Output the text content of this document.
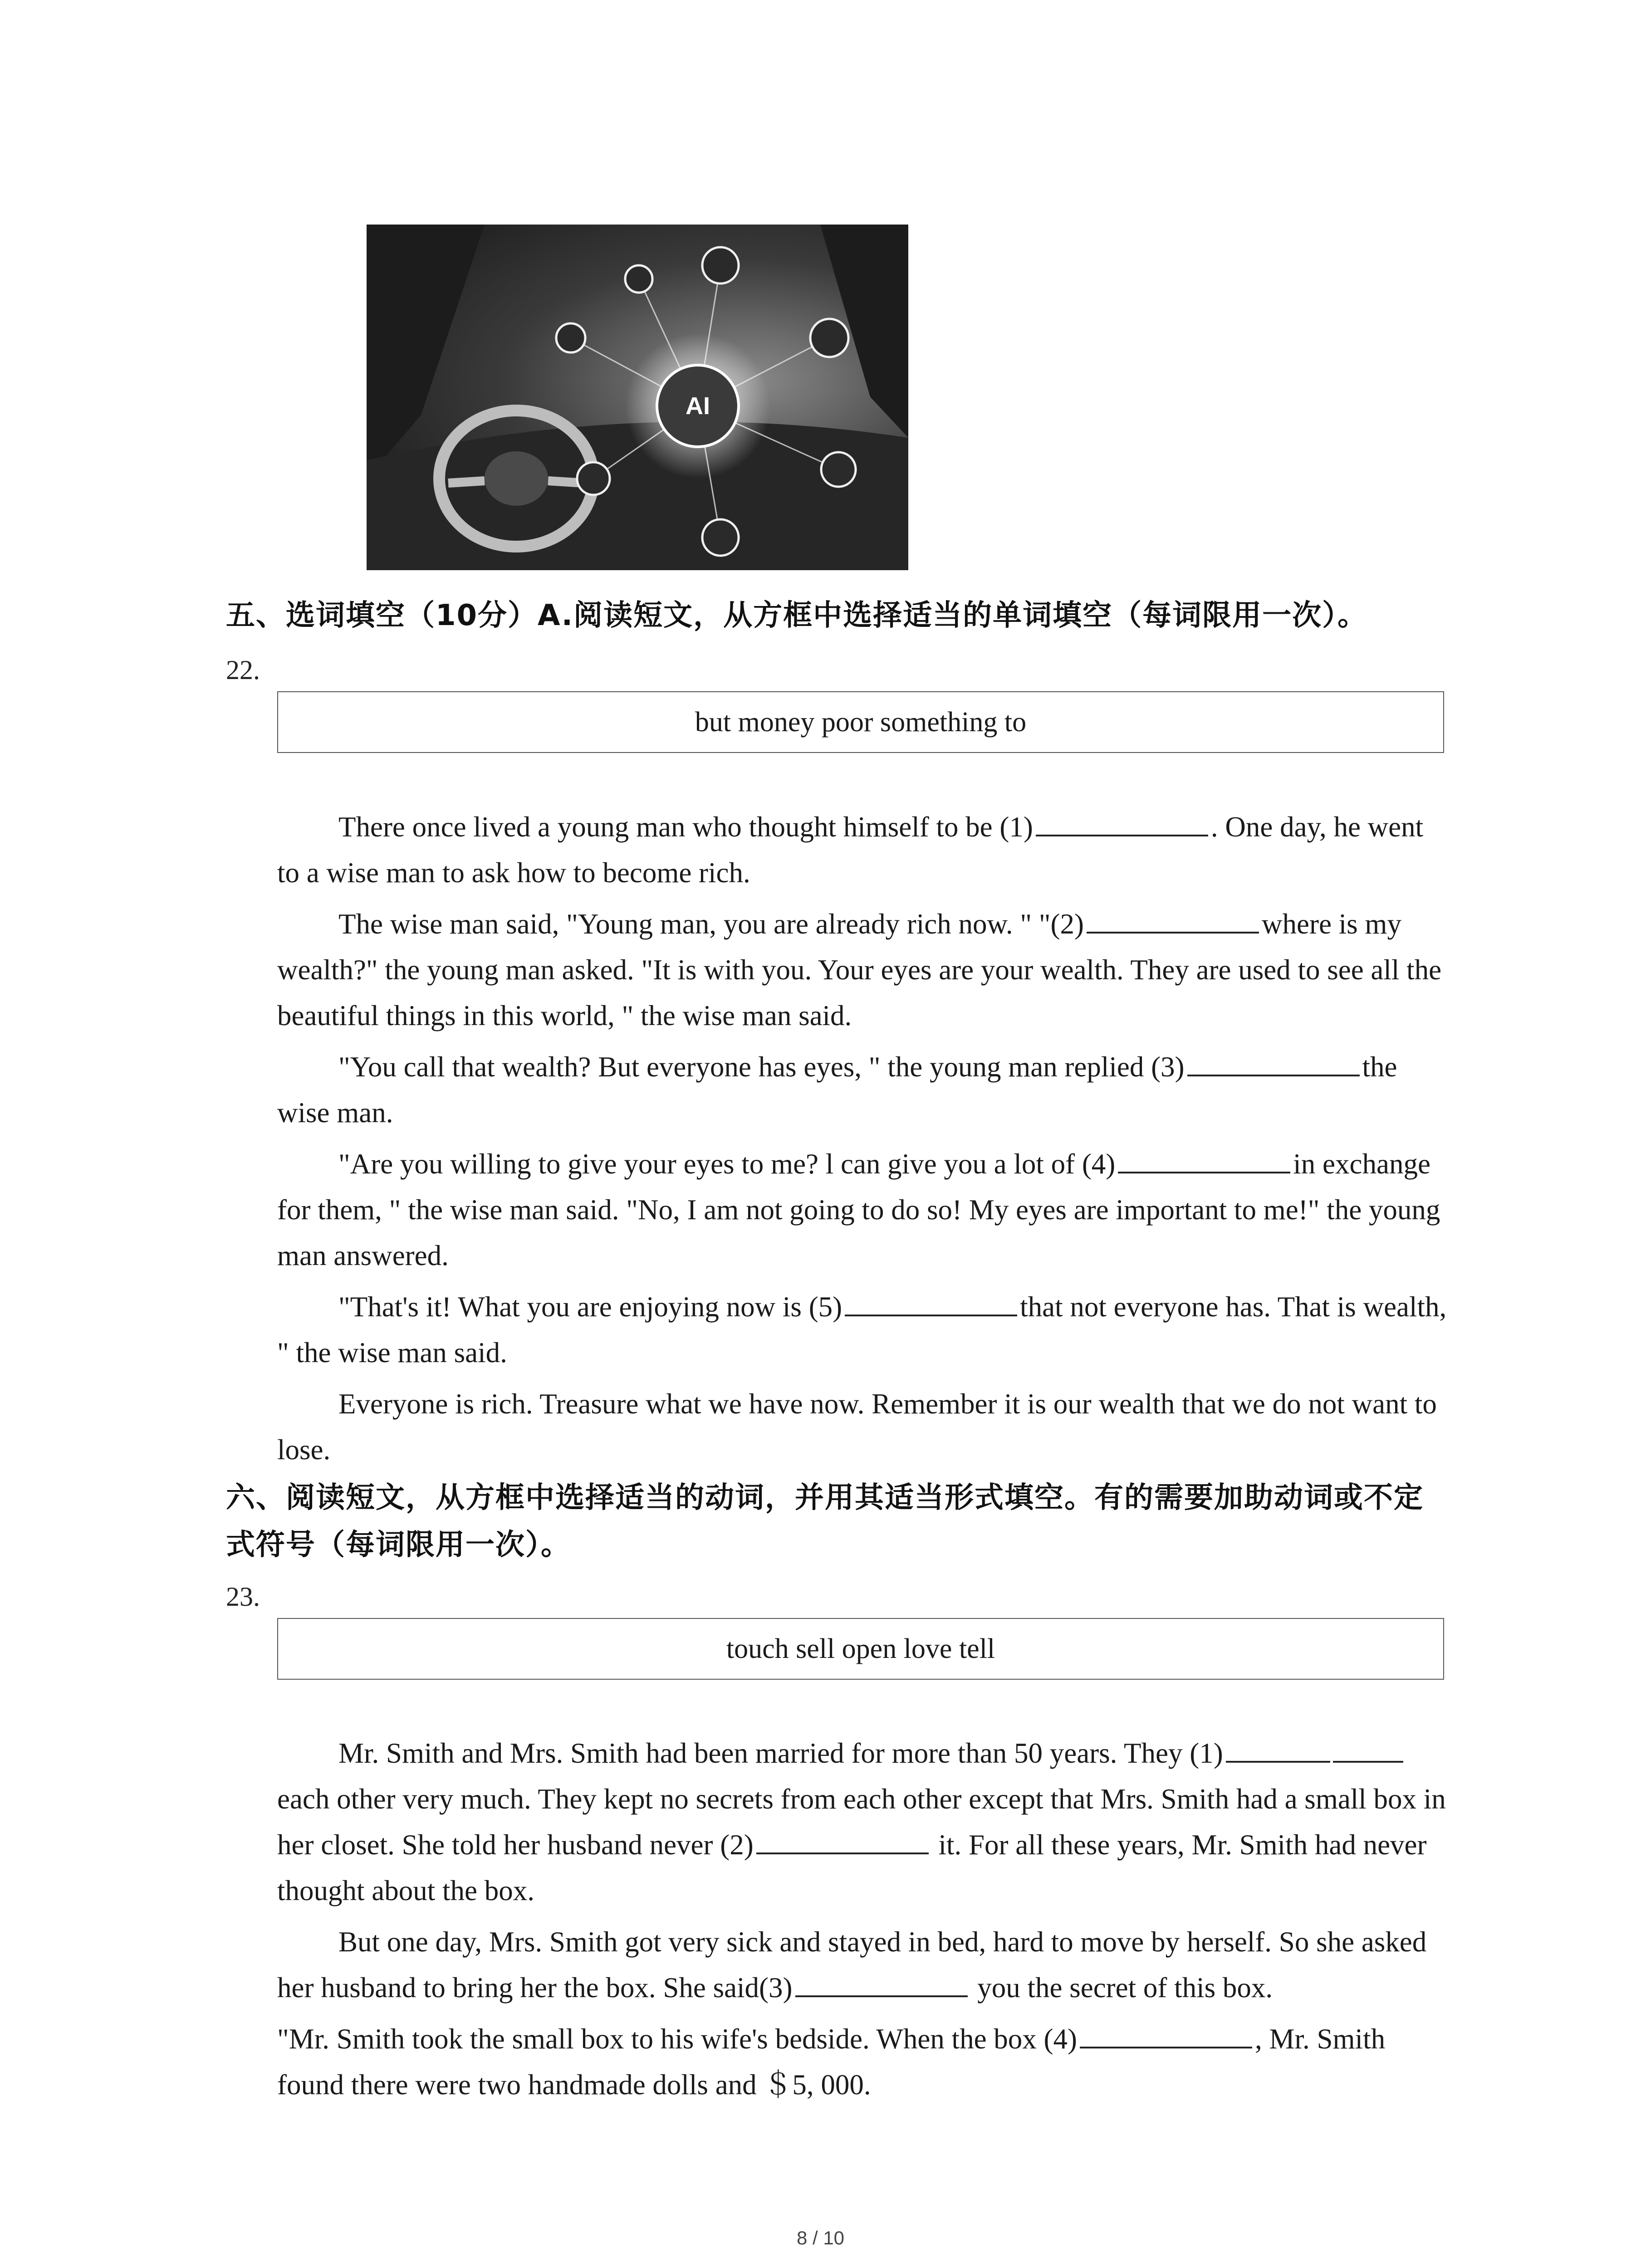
AI
五、选词填空（10分）A.阅读短文，从方框中选择适当的单词填空（每词限用一次）。
22.
but money poor something to

There once lived a young man who thought himself to be (1)	. One day, he went to a wise man to ask how to become rich.

The wise man said, "Young man, you are already rich now. " "(2)	where is my wealth?" the young man asked. "It is with you. Your eyes are your wealth. They are used to see all the beautiful things in this world, " the wise man said.

"You call that wealth? But everyone has eyes, " the young man replied (3)	the wise man.

"Are you willing to give your eyes to me? l can give you a lot of (4)	in exchange for them, " the wise man said. "No, I am not going to do so! My eyes are important to me!" the young man answered.

"That's it! What you are enjoying now is (5)	that not everyone has. That is wealth, " the wise man said.

Everyone is rich. Treasure what we have now. Remember it is our wealth that we do not want to lose.

六、阅读短文，从方框中选择适当的动词，并用其适当形式填空。有的需要加助动词或不定
式符号（每词限用一次）。
23.
touch sell open love tell

Mr. Smith and Mrs. Smith had been married for more than 50 years. They (1) each other very much. They kept no secrets from each other except that Mrs. Smith had a small box in her closet. She told her husband never (2)	it. For all these years, Mr. Smith had never thought about the box.

But one day, Mrs. Smith got very sick and stayed in bed, hard to move by herself. So she asked her husband to bring her the box. She said(3)	you the secret of this box.

"Mr. Smith took the small box to his wife's bedside. When the box (4)	, Mr. Smith found there were two handmade dolls and ＄5, 000.

8 / 10
